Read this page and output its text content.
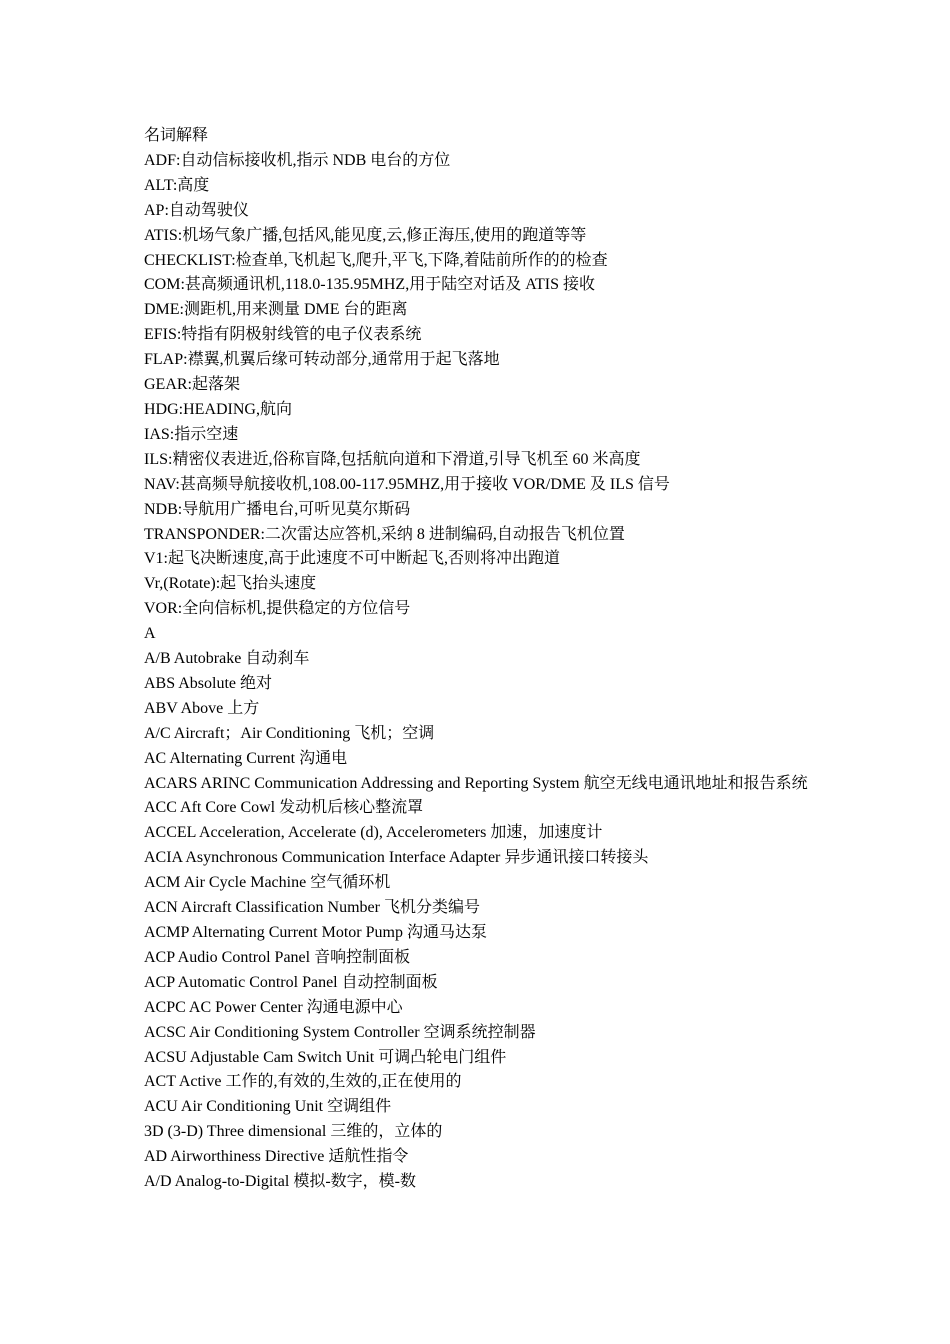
名词解释

ADF:自动信标接收机,指示 NDB 电台的方位

ALT:高度

AP:自动驾驶仪

ATIS:机场气象广播,包括风,能见度,云,修正海压,使用的跑道等等

CHECKLIST:检查单,飞机起飞,爬升,平飞,下降,着陆前所作的的检查

COM:甚高频通讯机,118.0-135.95MHZ,用于陆空对话及 ATIS 接收

DME:测距机,用来测量 DME 台的距离

EFIS:特指有阴极射线管的电子仪表系统

FLAP:襟翼,机翼后缘可转动部分,通常用于起飞落地

GEAR:起落架

HDG:HEADING,航向

IAS:指示空速

ILS:精密仪表进近,俗称盲降,包括航向道和下滑道,引导飞机至 60 米高度

NAV:甚高频导航接收机,108.00-117.95MHZ,用于接收 VOR/DME 及 ILS 信号

NDB:导航用广播电台,可听见莫尔斯码

TRANSPONDER:二次雷达应答机,采纳 8 进制编码,自动报告飞机位置

V1:起飞决断速度,高于此速度不可中断起飞,否则将冲出跑道

Vr,(Rotate):起飞抬头速度

VOR:全向信标机,提供稳定的方位信号

A

A/B Autobrake 自动刹车

ABS Absolute 绝对

ABV Above 上方

A/C Aircraft；Air Conditioning 飞机；空调

AC Alternating Current 沟通电

ACARS ARINC Communication Addressing and Reporting System 航空无线电通讯地址和报告系统

ACC Aft Core Cowl 发动机后核心整流罩

ACCEL Acceleration, Accelerate (d), Accelerometers 加速，加速度计

ACIA Asynchronous Communication Interface Adapter 异步通讯接口转接头

ACM Air Cycle Machine 空气循环机

ACN Aircraft Classification Number 飞机分类编号

ACMP Alternating Current Motor Pump 沟通马达泵

ACP Audio Control Panel 音响控制面板

ACP Automatic Control Panel 自动控制面板

ACPC AC Power Center 沟通电源中心

ACSC Air Conditioning System Controller 空调系统控制器

ACSU Adjustable Cam Switch Unit 可调凸轮电门组件

ACT Active 工作的,有效的,生效的,正在使用的

ACU Air Conditioning Unit 空调组件

3D (3-D) Three dimensional 三维的，立体的

AD Airworthiness Directive 适航性指令

A/D Analog-to-Digital 模拟-数字，模-数
